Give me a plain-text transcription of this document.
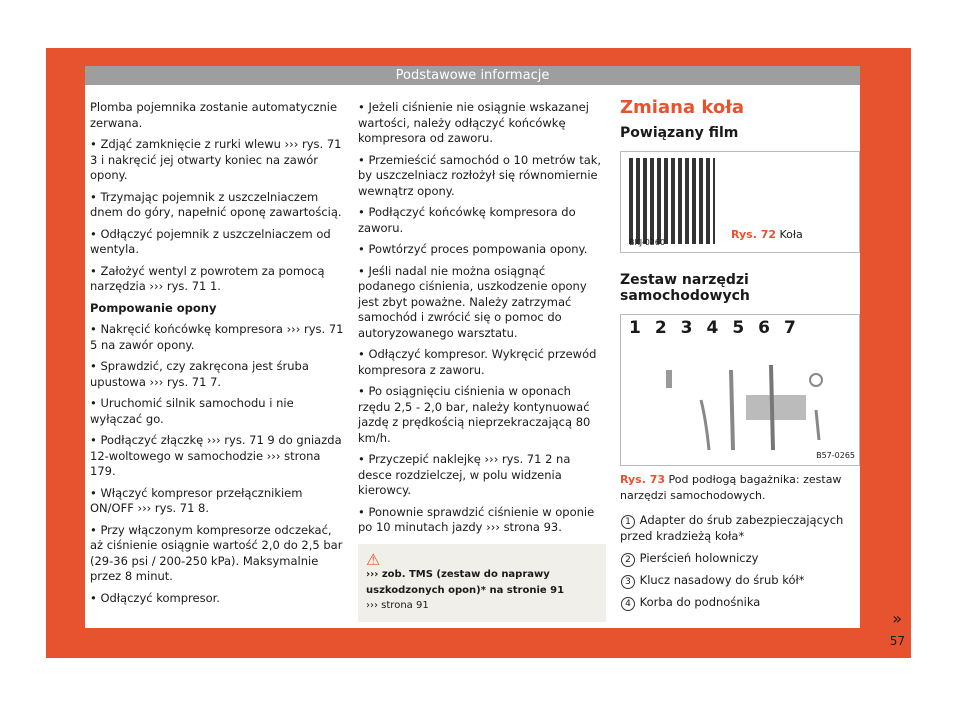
Podstawowe informacje

Plomba pojemnika zostanie automatycznie zerwana.

• Zdjąć zamknięcie z rurki wlewu ››› rys. 71 3 i nakręcić jej otwarty koniec na zawór opony.

• Trzymając pojemnik z uszczelniaczem dnem do góry, napełnić oponę zawartością.

• Odłączyć pojemnik z uszczelniaczem od wentyla.

• Założyć wentyl z powrotem za pomocą narzędzia ››› rys. 71 1.

Pompowanie opony

• Nakręcić końcówkę kompresora ››› rys. 71 5 na zawór opony.

• Sprawdzić, czy zakręcona jest śruba upustowa ››› rys. 71 7.

• Uruchomić silnik samochodu i nie wyłączać go.

• Podłączyć złączkę ››› rys. 71 9 do gniazda 12-woltowego w samochodzie ››› strona 179.

• Włączyć kompresor przełącznikiem ON/OFF ››› rys. 71 8.

• Przy włączonym kompresorze odczekać, aż ciśnienie osiągnie wartość 2,0 do 2,5 bar (29-36 psi / 200-250 kPa). Maksymalnie przez 8 minut.

• Odłączyć kompresor.

• Jeżeli ciśnienie nie osiągnie wskazanej wartości, należy odłączyć końcówkę kompresora od zaworu.

• Przemieścić samochód o 10 metrów tak, by uszczelniacz rozłożył się równomiernie wewnątrz opony.

• Podłączyć końcówkę kompresora do zaworu.

• Powtórzyć proces pompowania opony.

• Jeśli nadal nie można osiągnąć podanego ciśnienia, uszkodzenie opony jest zbyt poważne. Należy zatrzymać samochód i zwrócić się o pomoc do autoryzowanego warsztatu.

• Odłączyć kompresor. Wykręcić przewód kompresora z zaworu.

• Po osiągnięciu ciśnienia w oponach rzędu 2,5 - 2,0 bar, należy kontynuować jazdę z prędkością nieprzekraczającą 80 km/h.

• Przyczepić naklejkę ››› rys. 71 2 na desce rozdzielczej, w polu widzenia kierowcy.

• Ponownie sprawdzić ciśnienie w oponie po 10 minutach jazdy ››› strona 93.

⚠
››› zob. TMS (zestaw do naprawy uszkodzonych opon)* na stronie 91
››› strona 91
Zmiana koła
Powiązany film
BKJ-0260
Rys. 72 Koła
Zestaw narzędzi samochodowych
1234567
B57-0265
Rys. 73 Pod podłogą bagażnika: zestaw narzędzi samochodowych.
1 Adapter do śrub zabezpieczających przed kradzieżą koła*
2 Pierścień holowniczy
3 Klucz nasadowy do śrub kół*
4 Korba do podnośnika
»
57
